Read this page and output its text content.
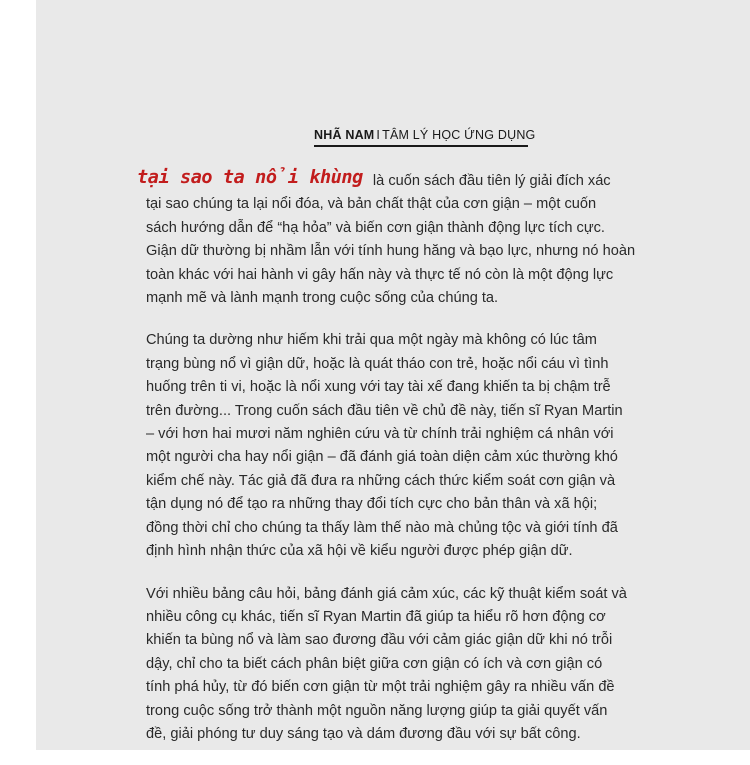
NHÃ NAM I TÂM LÝ HỌC ỨNG DỤNG
tại sao ta nổi khùng là cuốn sách đầu tiên lý giải đích xác
tại sao chúng ta lại nổi đóa, và bản chất thật của cơn giận – một cuốn
sách hướng dẫn để “hạ hỏa” và biến cơn giận thành động lực tích cực.
Giận dữ thường bị nhầm lẫn với tính hung hăng và bạo lực, nhưng nó hoàn
toàn khác với hai hành vi gây hấn này và thực tế nó còn là một động lực
mạnh mẽ và lành mạnh trong cuộc sống của chúng ta.
Chúng ta dường như hiếm khi trải qua một ngày mà không có lúc tâm
trạng bùng nổ vì giận dữ, hoặc là quát tháo con trẻ, hoặc nổi cáu vì tình
huống trên ti vi, hoặc là nổi xung với tay tài xế đang khiến ta bị chậm trễ
trên đường... Trong cuốn sách đầu tiên về chủ đề này, tiến sĩ Ryan Martin
– với hơn hai mươi năm nghiên cứu và từ chính trải nghiệm cá nhân với
một người cha hay nổi giận – đã đánh giá toàn diện cảm xúc thường khó
kiểm chế này. Tác giả đã đưa ra những cách thức kiểm soát cơn giận và
tận dụng nó để tạo ra những thay đổi tích cực cho bản thân và xã hội;
đồng thời chỉ cho chúng ta thấy làm thế nào mà chủng tộc và giới tính đã
định hình nhận thức của xã hội về kiểu người được phép giận dữ.
Với nhiều bảng câu hỏi, bảng đánh giá cảm xúc, các kỹ thuật kiểm soát và
nhiều công cụ khác, tiến sĩ Ryan Martin đã giúp ta hiểu rõ hơn động cơ
khiến ta bùng nổ và làm sao đương đầu với cảm giác giận dữ khi nó trỗi
dậy, chỉ cho ta biết cách phân biệt giữa cơn giận có ích và cơn giận có
tính phá hủy, từ đó biến cơn giận từ một trải nghiệm gây ra nhiều vấn đề
trong cuộc sống trở thành một nguồn năng lượng giúp ta giải quyết vấn
đề, giải phóng tư duy sáng tạo và dám đương đầu với sự bất công.
